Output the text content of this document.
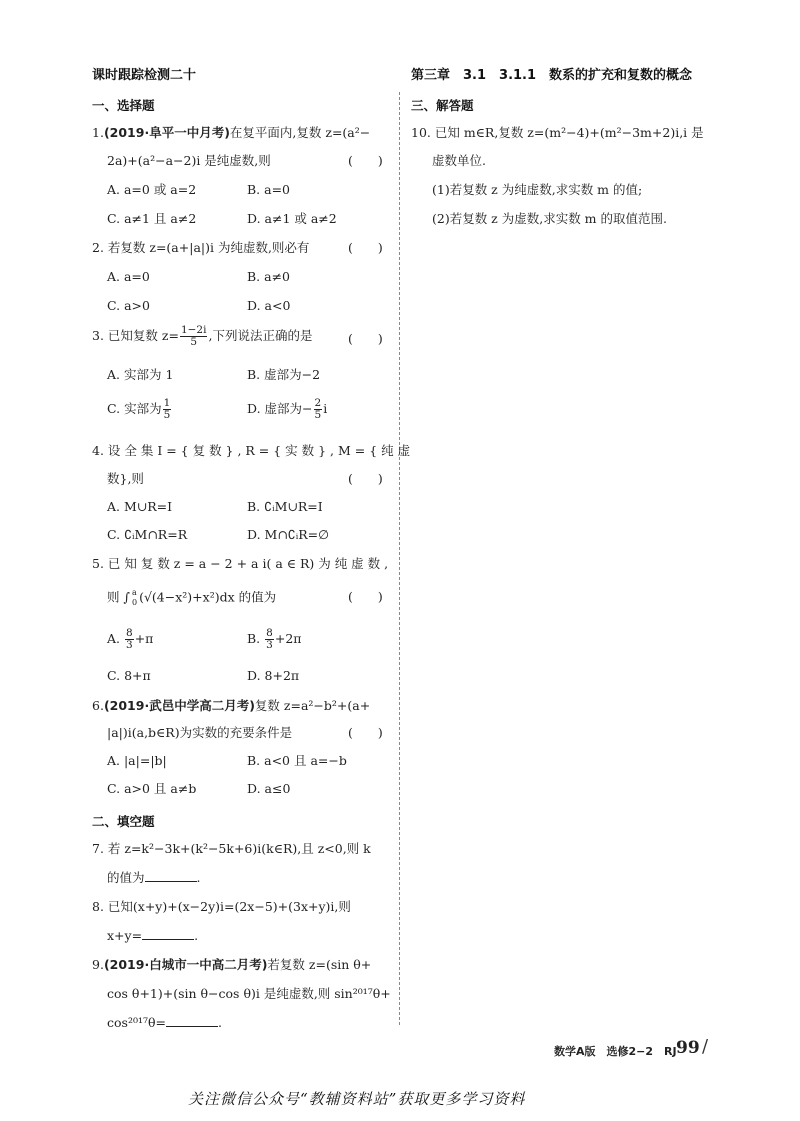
课时跟踪检测二十	第三章　3.1　3.1.1　数系的扩充和复数的概念
一、选择题
1.(2019·阜平一中月考)在复平面内,复数 z=(a²−
2a)+(a²−a−2)i 是纯虚数,则	(　　)
A. a=0 或 a=2	B. a=0
C. a≠1 且 a≠2	D. a≠1 或 a≠2
2. 若复数 z=(a+|a|)i 为纯虚数,则必有	(　　)
A. a=0	B. a≠0
C. a>0	D. a<0
3. 已知复数 $z= \frac{1-2i}{5}$ ,下列说法正确的是	(　　)
A. 实部为 1	B. 虚部为−2
C. 实部为 $\frac{1}{5}$	D. 虚部为− $\frac{2}{5}$ i
4. 设 全 集 I = { 复 数 } , R = { 实 数 } , M = { 纯 虚
数},则	(　　)
A. M∪R=I	B. ∁ᵢM∪R=I
C. ∁ᵢM∩R=R	D. M∩∁ᵢR=∅
5. 已 知 复 数 z = a − 2 + a i( a ∈ R) 为 纯 虚 数 ,
则 ∫ a
0 (√(4−x²)+x²)dx 的值为	(　　)
A. $\frac{8}{3} +\pi$	B. $\frac{8}{3} +2\pi$
C. 8+π	D. 8+2π
6.(2019·武邑中学高二月考)复数 z=a²−b²+(a+
|a|)i(a,b∈R)为实数的充要条件是	(　　)
A. |a|=|b|	B. a<0 且 a=−b
C. a>0 且 a≠b	D. a≤0
二、填空题
7. 若 z=k²−3k+(k²−5k+6)i(k∈R),且 z<0,则 k
的值为	.
8. 已知(x+y)+(x−2y)i=(2x−5)+(3x+y)i,则
x+y=	.
9.(2019·白城市一中高二月考)若复数 z=(sin θ+
cos θ+1)+(sin θ−cos θ)i 是纯虚数,则 sin²⁰¹⁷θ+
cos²⁰¹⁷θ=	.
三、解答题
10. 已知 m∈R,复数 z=(m²−4)+(m²−3m+2)i,i 是
虚数单位.
(1)若复数 z 为纯虚数,求实数 m 的值;
(2)若复数 z 为虚数,求实数 m 的取值范围.
数学A版　选修2−2　RJ 99 /
关注微信公众号“教辅资料站”获取更多学习资料
